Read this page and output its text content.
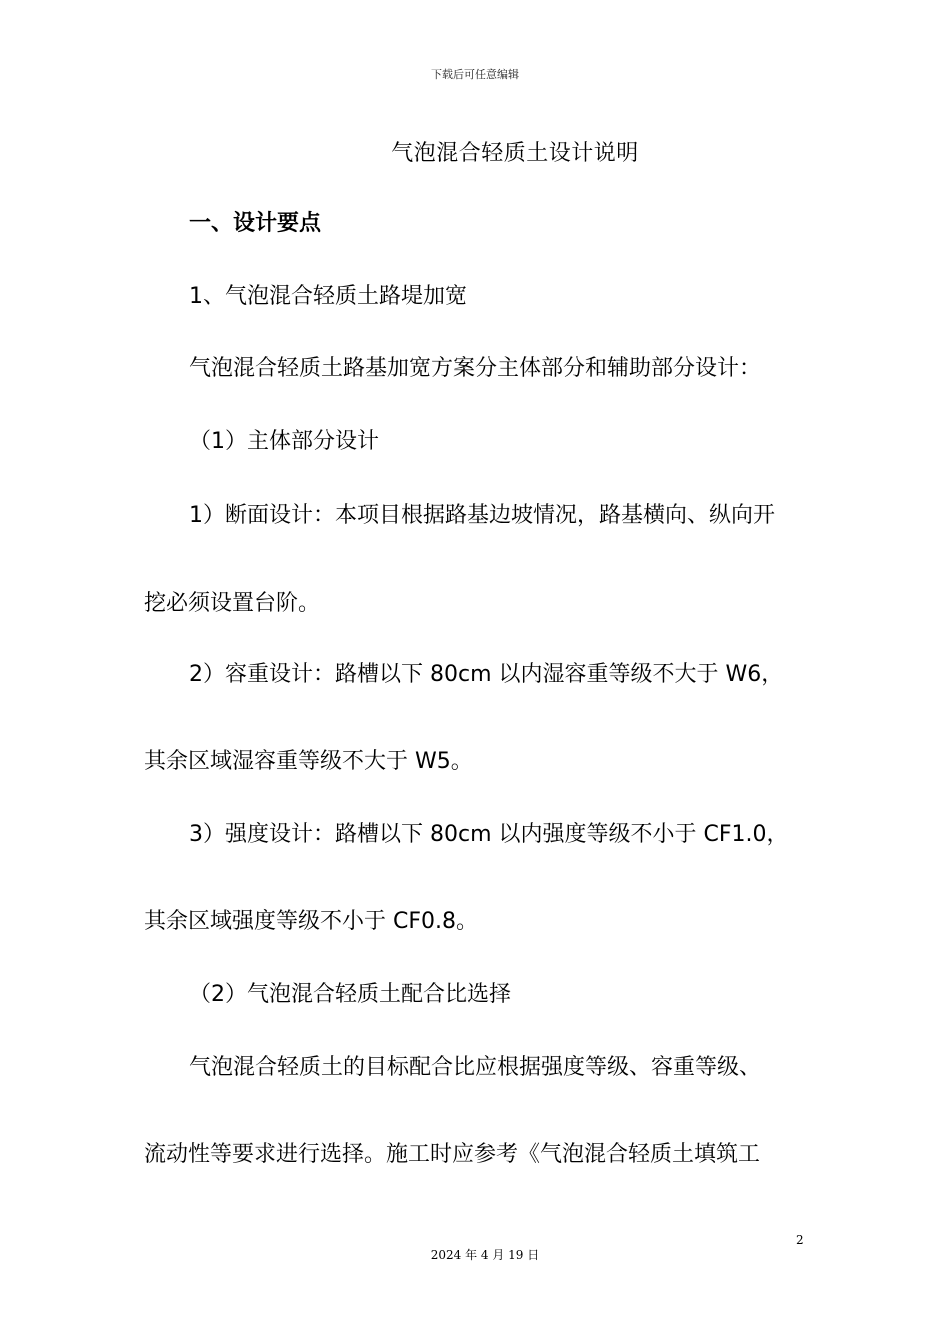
下载后可任意编辑
气泡混合轻质土设计说明
一、设计要点
1、气泡混合轻质土路堤加宽
气泡混合轻质土路基加宽方案分主体部分和辅助部分设计：
（1）主体部分设计
1）断面设计：本项目根据路基边坡情况，路基横向、纵向开
挖必须设置台阶。
2）容重设计：路槽以下 80cm 以内湿容重等级不大于 W6，
其余区域湿容重等级不大于 W5。
3）强度设计：路槽以下 80cm 以内强度等级不小于 CF1.0，
其余区域强度等级不小于 CF0.8。
（2）气泡混合轻质土配合比选择
气泡混合轻质土的目标配合比应根据强度等级、容重等级、
流动性等要求进行选择。施工时应参考《气泡混合轻质土填筑工
2
2024 年 4 月 19 日
